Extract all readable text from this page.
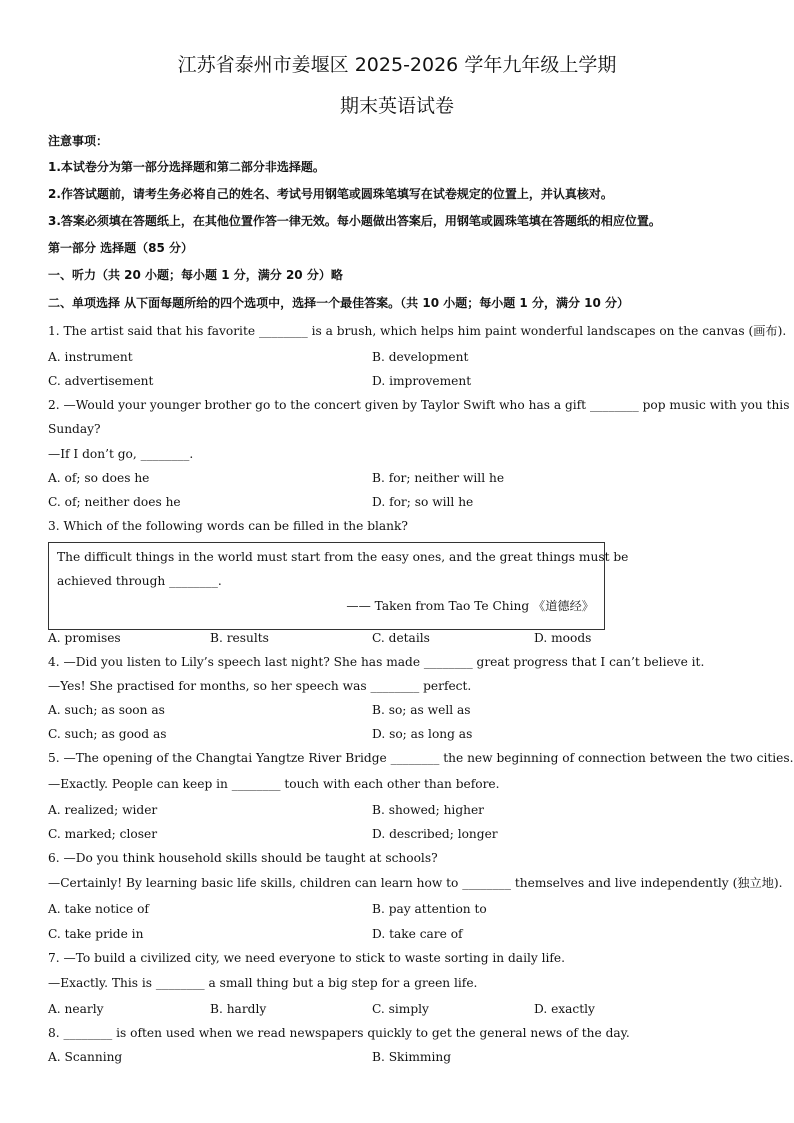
江苏省泰州市姜堰区 2025-2026 学年九年级上学期
期末英语试卷
注意事项：
1.本试卷分为第一部分选择题和第二部分非选择题。
2.作答试题前，请考生务必将自己的姓名、考试号用钢笔或圆珠笔填写在试卷规定的位置上，并认真核对。
3.答案必须填在答题纸上，在其他位置作答一律无效。每小题做出答案后，用钢笔或圆珠笔填在答题纸的相应位置。
第一部分 选择题（85 分）
一、听力（共 20 小题；每小题 1 分，满分 20 分）略
二、单项选择 从下面每题所给的四个选项中，选择一个最佳答案。（共 10 小题；每小题 1 分，满分 10 分）
1. The artist said that his favorite ________ is a brush, which helps him paint wonderful landscapes on the canvas (画布).
A. instrument	B. development
C. advertisement	D. improvement
2. —Would your younger brother go to the concert given by Taylor Swift who has a gift ________ pop music with you this
Sunday?
—If I don’t go, ________.
A. of; so does he	B. for; neither will he
C. of; neither does he	D. for; so will he
3. Which of the following words can be filled in the blank?
The difficult things in the world must start from the easy ones, and the great things must be
achieved through ________.
—— Taken from Tao Te Ching 《道德经》
A. promises	B. results	C. details	D. moods
4. —Did you listen to Lily’s speech last night? She has made ________ great progress that I can’t believe it.
—Yes! She practised for months, so her speech was ________ perfect.
A. such; as soon as	B. so; as well as
C. such; as good as	D. so; as long as
5. —The opening of the Changtai Yangtze River Bridge ________ the new beginning of connection between the two cities.
—Exactly. People can keep in ________ touch with each other than before.
A. realized; wider	B. showed; higher
C. marked; closer	D. described; longer
6. —Do you think household skills should be taught at schools?
—Certainly! By learning basic life skills, children can learn how to ________ themselves and live independently (独立地).
A. take notice of	B. pay attention to
C. take pride in	D. take care of
7. —To build a civilized city, we need everyone to stick to waste sorting in daily life.
—Exactly. This is ________ a small thing but a big step for a green life.
A. nearly	B. hardly	C. simply	D. exactly
8. ________ is often used when we read newspapers quickly to get the general news of the day.
A. Scanning	B. Skimming
